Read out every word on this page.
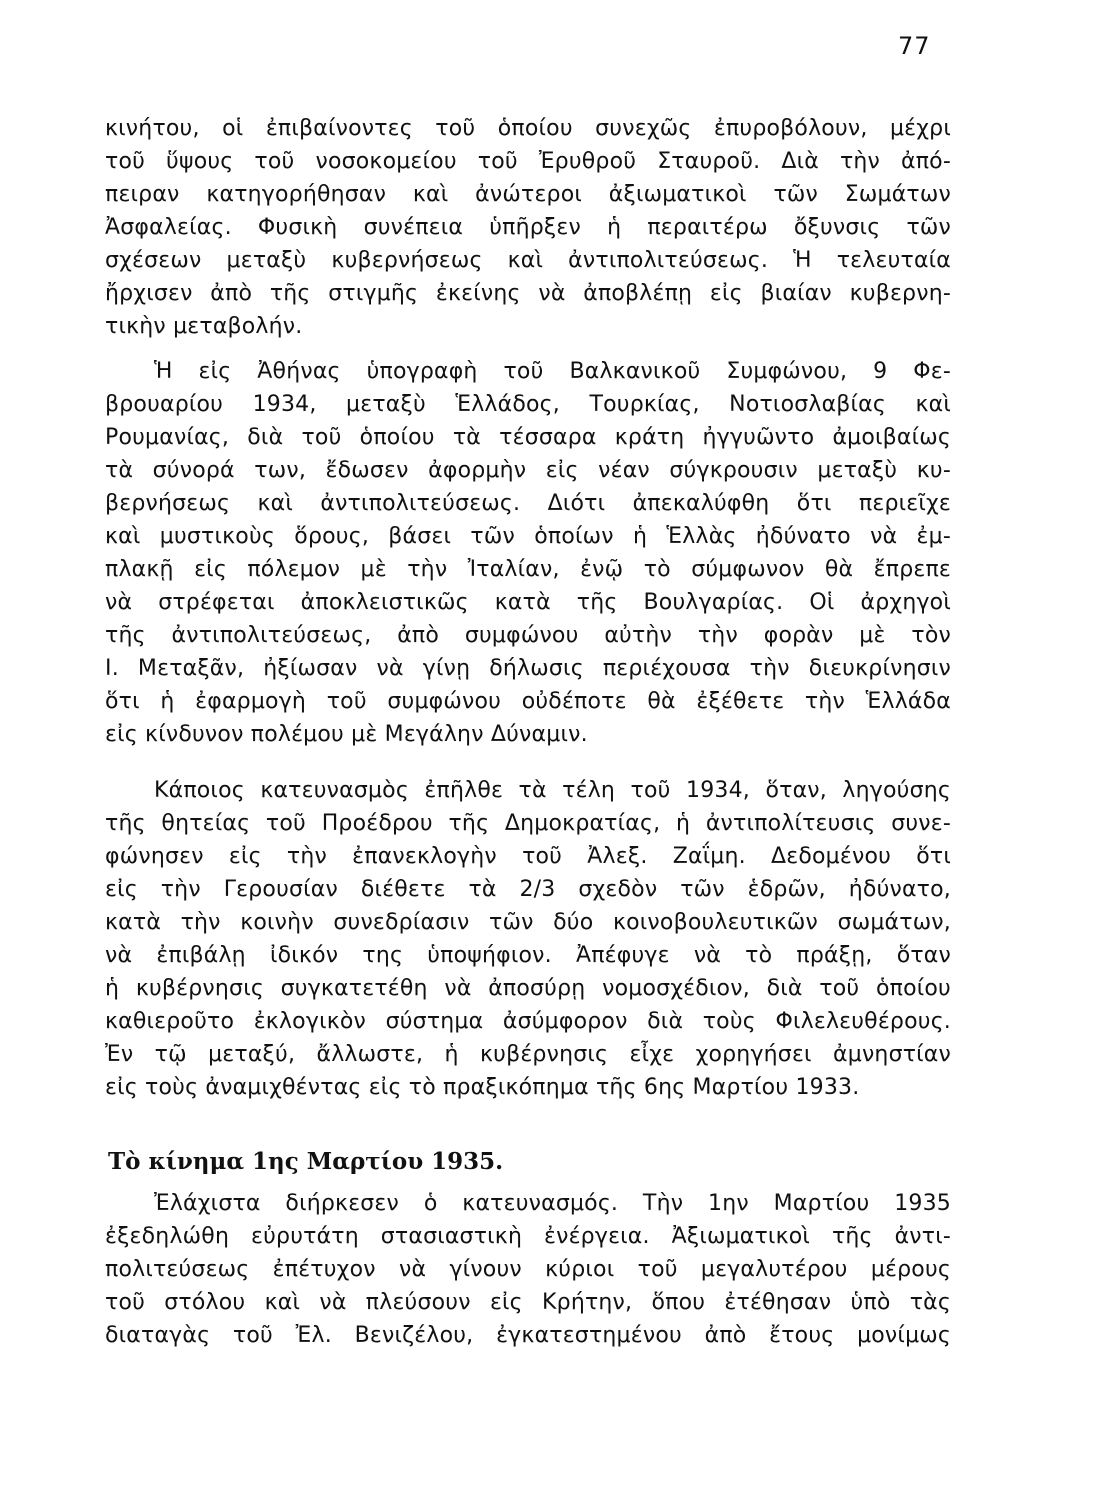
77
κινήτου, οἱ ἐπιβαίνοντες τοῦ ὁποίου συνεχῶς ἐπυροβόλουν, μέχρι
τοῦ ὕψους τοῦ νοσοκομείου τοῦ Ἐρυθροῦ Σταυροῦ. Διὰ τὴν ἀπό-
πειραν κατηγορήθησαν καὶ ἀνώτεροι ἀξιωματικοὶ τῶν Σωμάτων
Ἀσφαλείας. Φυσικὴ συνέπεια ὑπῆρξεν ἡ περαιτέρω ὄξυνσις τῶν
σχέσεων μεταξὺ κυβερνήσεως καὶ ἀντιπολιτεύσεως. Ἡ τελευταία
ἤρχισεν ἀπὸ τῆς στιγμῆς ἐκείνης νὰ ἀποβλέπῃ εἰς βιαίαν κυβερνη-
τικὴν μεταβολήν.
Ἡ εἰς Ἀθήνας ὑπογραφὴ τοῦ Βαλκανικοῦ Συμφώνου, 9 Φε-
βρουαρίου 1934, μεταξὺ Ἑλλάδος, Τουρκίας, Νοτιοσλαβίας καὶ
Ρουμανίας, διὰ τοῦ ὁποίου τὰ τέσσαρα κράτη ἠγγυῶντο ἀμοιβαίως
τὰ σύνορά των, ἔδωσεν ἀφορμὴν εἰς νέαν σύγκρουσιν μεταξὺ κυ-
βερνήσεως καὶ ἀντιπολιτεύσεως. Διότι ἀπεκαλύφθη ὅτι περιεῖχε
καὶ μυστικοὺς ὅρους, βάσει τῶν ὁποίων ἡ Ἑλλὰς ἠδύνατο νὰ ἐμ-
πλακῇ εἰς πόλεμον μὲ τὴν Ἰταλίαν, ἐνῷ τὸ σύμφωνον θὰ ἔπρεπε
νὰ στρέφεται ἀποκλειστικῶς κατὰ τῆς Βουλγαρίας. Οἱ ἀρχηγοὶ
τῆς ἀντιπολιτεύσεως, ἀπὸ συμφώνου αὐτὴν τὴν φορὰν μὲ τὸν
Ι. Μεταξᾶν, ἠξίωσαν νὰ γίνῃ δήλωσις περιέχουσα τὴν διευκρίνησιν
ὅτι ἡ ἐφαρμογὴ τοῦ συμφώνου οὐδέποτε θὰ ἐξέθετε τὴν Ἑλλάδα
εἰς κίνδυνον πολέμου μὲ Μεγάλην Δύναμιν.
Κάποιος κατευνασμὸς ἐπῆλθε τὰ τέλη τοῦ 1934, ὅταν, ληγούσης
τῆς θητείας τοῦ Προέδρου τῆς Δημοκρατίας, ἡ ἀντιπολίτευσις συνε-
φώνησεν εἰς τὴν ἐπανεκλογὴν τοῦ Ἀλεξ. Ζαΐμη. Δεδομένου ὅτι
εἰς τὴν Γερουσίαν διέθετε τὰ 2/3 σχεδὸν τῶν ἑδρῶν, ἠδύνατο,
κατὰ τὴν κοινὴν συνεδρίασιν τῶν δύο κοινοβουλευτικῶν σωμάτων,
νὰ ἐπιβάλῃ ἰδικόν της ὑποψήφιον. Ἀπέφυγε νὰ τὸ πράξῃ, ὅταν
ἡ κυβέρνησις συγκατετέθη νὰ ἀποσύρῃ νομοσχέδιον, διὰ τοῦ ὁποίου
καθιεροῦτο ἐκλογικὸν σύστημα ἀσύμφορον διὰ τοὺς Φιλελευθέρους.
Ἐν τῷ μεταξύ, ἄλλωστε, ἡ κυβέρνησις εἶχε χορηγήσει ἀμνηστίαν
εἰς τοὺς ἀναμιχθέντας εἰς τὸ πραξικόπημα τῆς 6ης Μαρτίου 1933.
Τὸ κίνημα 1ης Μαρτίου 1935.
Ἐλάχιστα διήρκεσεν ὁ κατευνασμός. Τὴν 1ην Μαρτίου 1935
ἐξεδηλώθη εὐρυτάτη στασιαστικὴ ἐνέργεια. Ἀξιωματικοὶ τῆς ἀντι-
πολιτεύσεως ἐπέτυχον νὰ γίνουν κύριοι τοῦ μεγαλυτέρου μέρους
τοῦ στόλου καὶ νὰ πλεύσουν εἰς Κρήτην, ὅπου ἐτέθησαν ὑπὸ τὰς
διαταγὰς τοῦ Ἐλ. Βενιζέλου, ἐγκατεστημένου ἀπὸ ἔτους μονίμως
